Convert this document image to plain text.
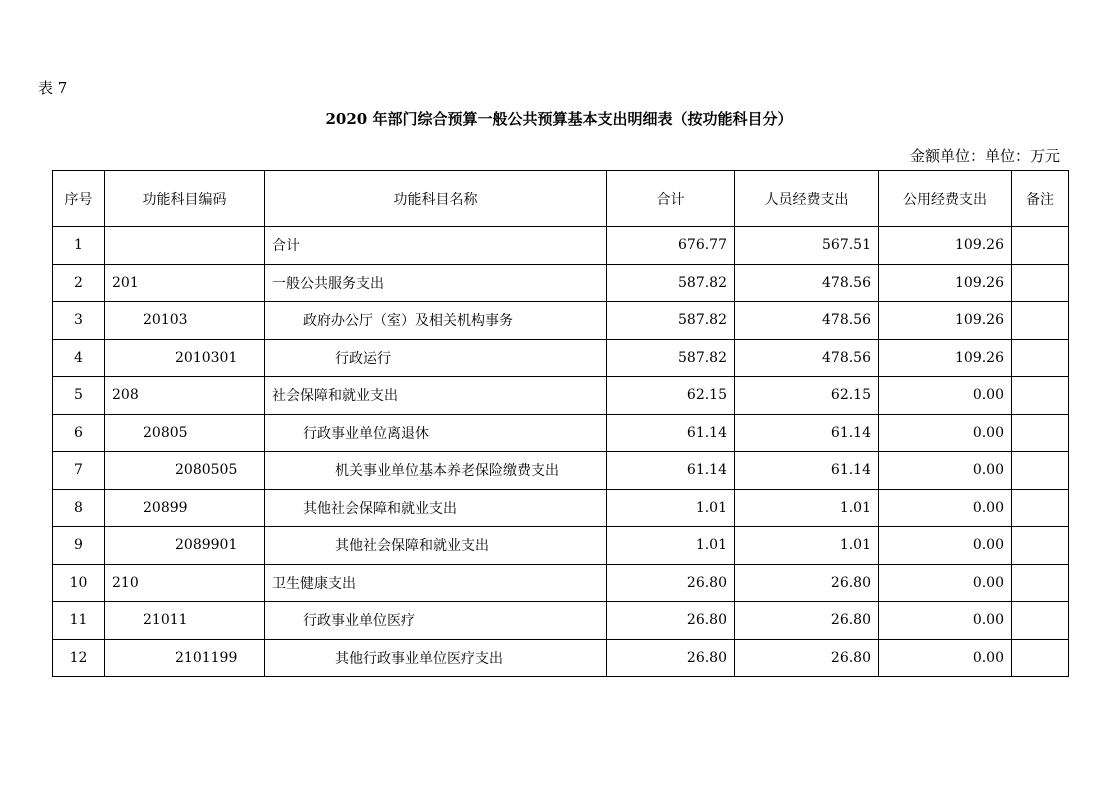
表 7
2020 年部门综合预算一般公共预算基本支出明细表（按功能科目分）
金额单位：单位：万元
序号	功能科目编码	功能科目名称	合计	人员经费支出	公用经费支出	备注
1		合计	676.77	567.51	109.26	
2	201	一般公共服务支出	587.82	478.56	109.26	
3	20103	政府办公厅（室）及相关机构事务	587.82	478.56	109.26	
4	2010301	行政运行	587.82	478.56	109.26	
5	208	社会保障和就业支出	62.15	62.15	0.00	
6	20805	行政事业单位离退休	61.14	61.14	0.00	
7	2080505	机关事业单位基本养老保险缴费支出	61.14	61.14	0.00	
8	20899	其他社会保障和就业支出	1.01	1.01	0.00	
9	2089901	其他社会保障和就业支出	1.01	1.01	0.00	
10	210	卫生健康支出	26.80	26.80	0.00	
11	21011	行政事业单位医疗	26.80	26.80	0.00	
12	2101199	其他行政事业单位医疗支出	26.80	26.80	0.00	
